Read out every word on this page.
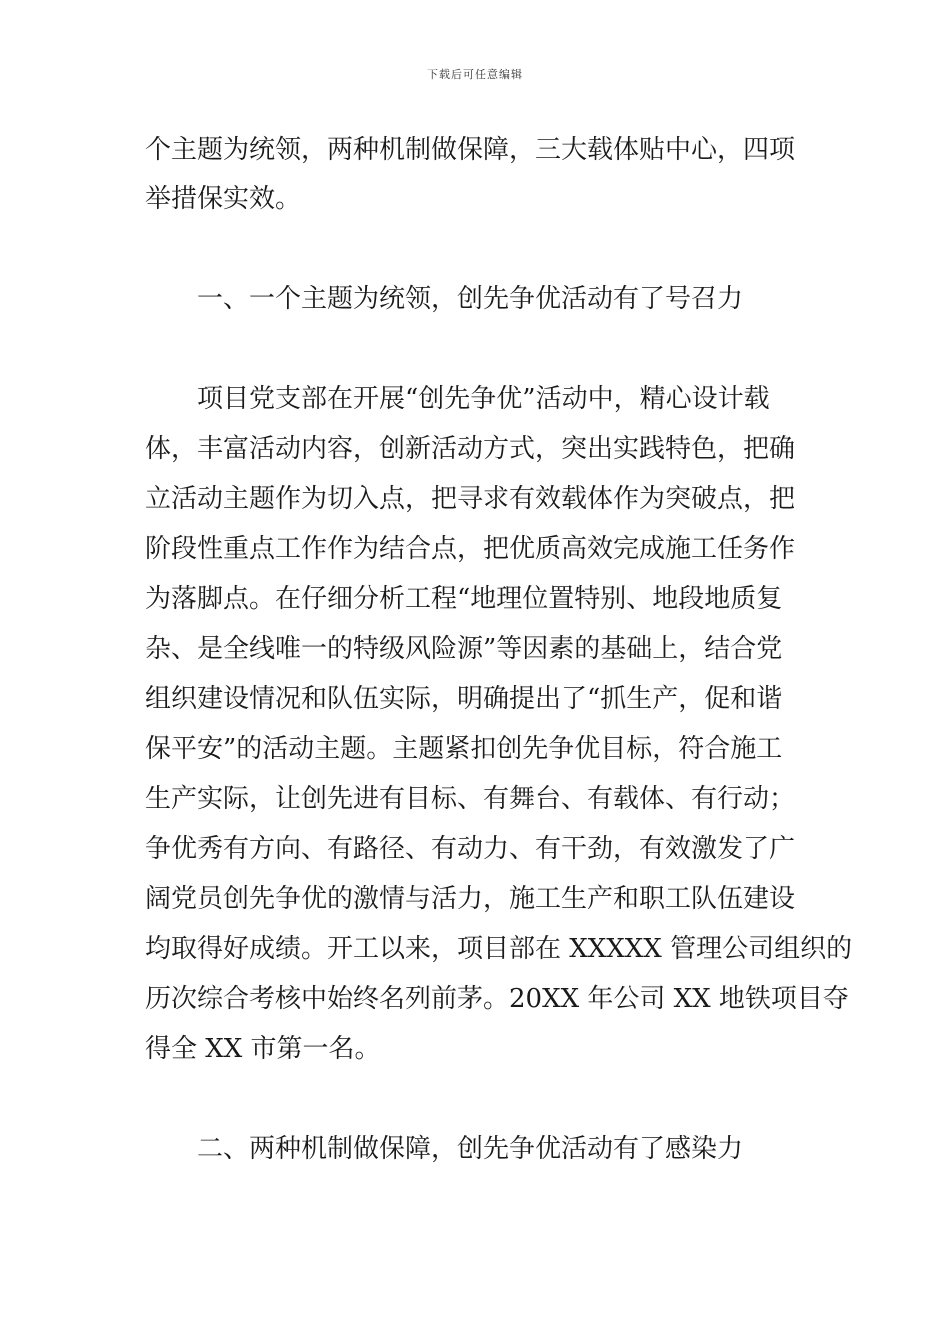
下载后可任意编辑
个主题为统领，两种机制做保障，三大载体贴中心，四项
举措保实效。
一、一个主题为统领，创先争优活动有了号召力
项目党支部在开展“创先争优”活动中，精心设计载
体，丰富活动内容，创新活动方式，突出实践特色，把确
立活动主题作为切入点，把寻求有效载体作为突破点，把
阶段性重点工作作为结合点，把优质高效完成施工任务作
为落脚点。在仔细分析工程“地理位置特别、地段地质复
杂、是全线唯一的特级风险源”等因素的基础上，结合党
组织建设情况和队伍实际，明确提出了“抓生产，促和谐
保平安”的活动主题。主题紧扣创先争优目标，符合施工
生产实际，让创先进有目标、有舞台、有载体、有行动；
争优秀有方向、有路径、有动力、有干劲，有效激发了广
阔党员创先争优的激情与活力，施工生产和职工队伍建设
均取得好成绩。开工以来，项目部在 XXXXX 管理公司组织的
历次综合考核中始终名列前茅。20XX 年公司 XX 地铁项目夺
得全 XX 市第一名。
二、两种机制做保障，创先争优活动有了感染力
